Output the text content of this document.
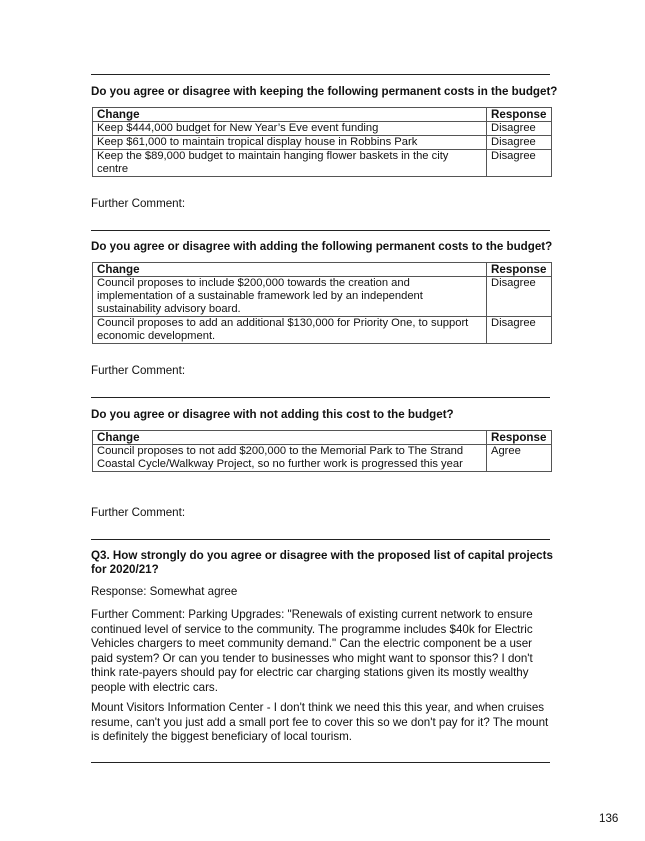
Do you agree or disagree with keeping the following permanent costs in the budget?
Change	Response
Keep $444,000 budget for New Year’s Eve event funding	Disagree
Keep $61,000 to maintain tropical display house in Robbins Park	Disagree
Keep the $89,000 budget to maintain hanging flower baskets in the city centre	Disagree
Further Comment:
Do you agree or disagree with adding the following permanent costs to the budget?
Change	Response
Council proposes to include $200,000 towards the creation and implementation of a sustainable framework led by an independent sustainability advisory board.	Disagree
Council proposes to add an additional $130,000 for Priority One, to support economic development.	Disagree
Further Comment:
Do you agree or disagree with not adding this cost to the budget?
Change	Response
Council proposes to not add $200,000 to the Memorial Park to The Strand Coastal Cycle/Walkway Project, so no further work is progressed this year	Agree
Further Comment:
Q3. How strongly do you agree or disagree with the proposed list of capital projects for 2020/21?
Response: Somewhat agree
Further Comment: Parking Upgrades: "Renewals of existing current network to ensure continued level of service to the community. The programme includes $40k for Electric Vehicles chargers to meet community demand." Can the electric component be a user paid system? Or can you tender to businesses who might want to sponsor this? I don't think rate-payers should pay for electric car charging stations given its mostly wealthy people with electric cars.
Mount Visitors Information Center - I don't think we need this this year, and when cruises resume, can't you just add a small port fee to cover this so we don't pay for it? The mount is definitely the biggest beneficiary of local tourism.
136
